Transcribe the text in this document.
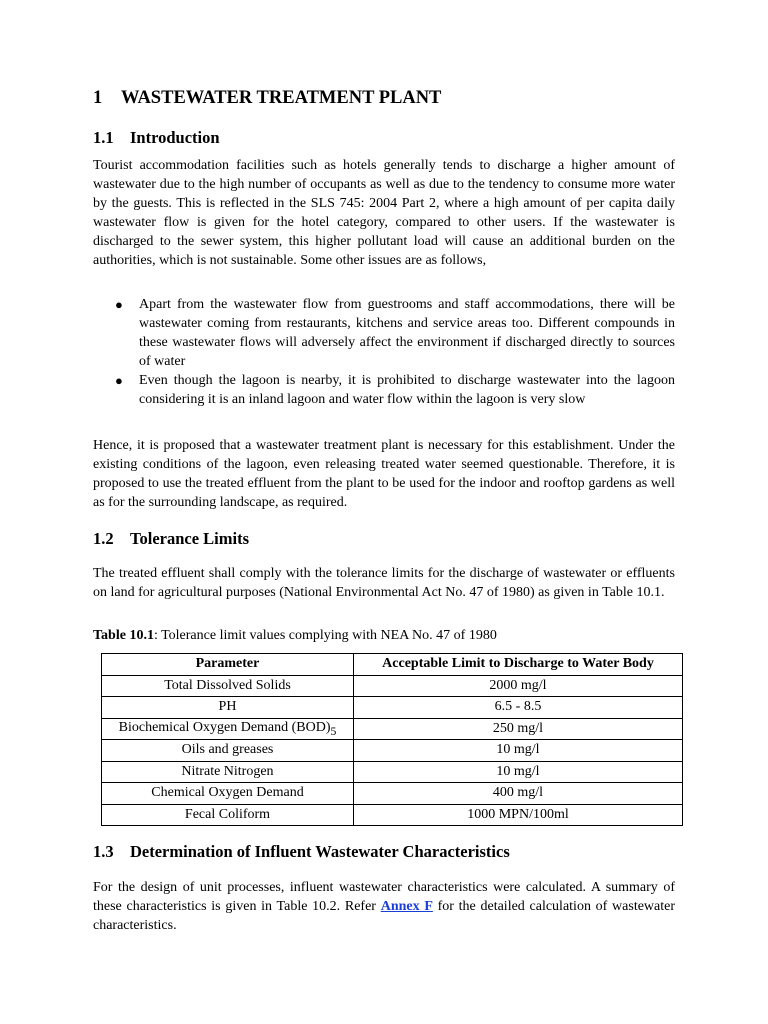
1 WASTEWATER TREATMENT PLANT
1.1 Introduction

Tourist accommodation facilities such as hotels generally tends to discharge a higher amount of wastewater due to the high number of occupants as well as due to the tendency to consume more water by the guests. This is reflected in the SLS 745: 2004 Part 2, where a high amount of per capita daily wastewater flow is given for the hotel category, compared to other users. If the wastewater is discharged to the sewer system, this higher pollutant load will cause an additional burden on the authorities, which is not sustainable. Some other issues are as follows,

● Apart from the wastewater flow from guestrooms and staff accommodations, there will be wastewater coming from restaurants, kitchens and service areas too. Different compounds in these wastewater flows will adversely affect the environment if discharged directly to sources of water
● Even though the lagoon is nearby, it is prohibited to discharge wastewater into the lagoon considering it is an inland lagoon and water flow within the lagoon is very slow

Hence, it is proposed that a wastewater treatment plant is necessary for this establishment. Under the existing conditions of the lagoon, even releasing treated water seemed questionable. Therefore, it is proposed to use the treated effluent from the plant to be used for the indoor and rooftop gardens as well as for the surrounding landscape, as required.

1.2 Tolerance Limits

The treated effluent shall comply with the tolerance limits for the discharge of wastewater or effluents on land for agricultural purposes (National Environmental Act No. 47 of 1980) as given in Table 10.1.

Table 10.1: Tolerance limit values complying with NEA No. 47 of 1980
Parameter	Acceptable Limit to Discharge to Water Body
Total Dissolved Solids	2000 mg/l
PH	6.5 - 8.5
Biochemical Oxygen Demand $(BOD)_5$	250 mg/l
Oils and greases	10 mg/l
Nitrate Nitrogen	10 mg/l
Chemical Oxygen Demand	400 mg/l
Fecal Coliform	1000 MPN/100ml
1.3 Determination of Influent Wastewater Characteristics

For the design of unit processes, influent wastewater characteristics were calculated. A summary of these characteristics is given in Table 10.2. Refer Annex F for the detailed calculation of wastewater characteristics.
